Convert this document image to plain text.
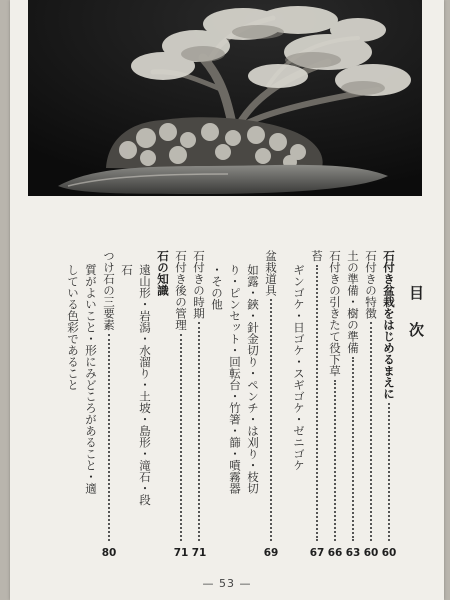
目次
石付き盆栽をはじめるまえに
60
石付きの特徴
60
土の準備・樹の準備
63
石付きの引きたて役下草
66
苔
67
ギンゴケ・日ゴケ・スギゴケ・ゼニゴケ
盆栽道具
69
如露・鋏・針金切り・ペンチ・は刈り・枝切
り・ピンセット・回転台・竹箸・篩・噴霧器
・その他
石付きの時期
71
石付き後の管理
71
石の知識
遠山形・岩潟・水溜り・土坡・島形・滝石・段
石
つけ石の三要素
80
質がよいこと・形にみどころがあること・適
している色彩であること
— 53 —
